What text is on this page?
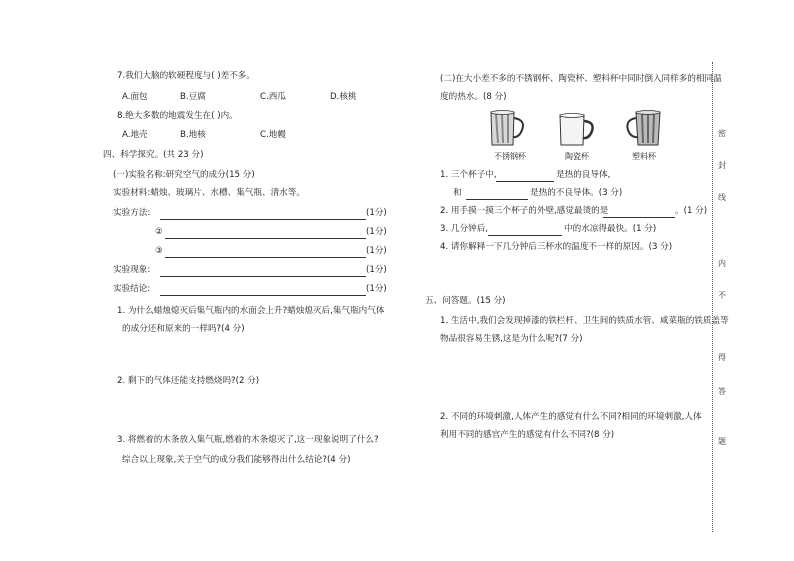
7.我们大脑的软硬程度与( )差不多。
A.面包	B.豆腐	C.西瓜	D.核桃
8.绝大多数的地震发生在( )内。
A.地壳	B.地核	C.地幔
四、科学探究。(共 23 分)
(一)实验名称:研究空气的成分(15 分)
实验材料:蜡烛、玻璃片、水槽、集气瓶、清水等。
实验方法:	(1分)
②	(1分)
③	(1分)
实验现象:	(1分)
实验结论:	(1分)
1. 为什么蜡烛熄灭后集气瓶内的水面会上升?蜡烛熄灭后,集气瓶内气体
的成分还和原来的一样吗?(4 分)
2. 剩下的气体还能支持燃烧吗?(2 分)
3. 将燃着的木条放入集气瓶,燃着的木条熄灭了,这一现象说明了什么?
综合以上现象,关于空气的成分我们能够得出什么结论?(4 分)
(二)在大小差不多的不锈钢杯、陶瓷杯、塑料杯中同时倒入同样多的相同温
度的热水。(8 分)
不锈钢杯	陶瓷杯	塑料杯
1. 三个杯子中,	是热的良导体,
和	是热的不良导体。(3 分)
2. 用手摸一摸三个杯子的外壁,感觉最烫的是	。(1 分)
3. 几分钟后,	中的水凉得最快。(1 分)
4. 请你解释一下几分钟后三杯水的温度不一样的原因。(3 分)
五、问答题。(15 分)
1. 生活中,我们会发现掉漆的铁栏杆、卫生间的铁质水管、咸菜瓶的铁质盖等
物品很容易生锈,这是为什么呢?(7 分)
2. 不同的环境刺激,人体产生的感觉有什么不同?相同的环境刺激,人体
利用不同的感官产生的感觉有什么不同?(8 分)
密
封
线
内
不
得
答
题
